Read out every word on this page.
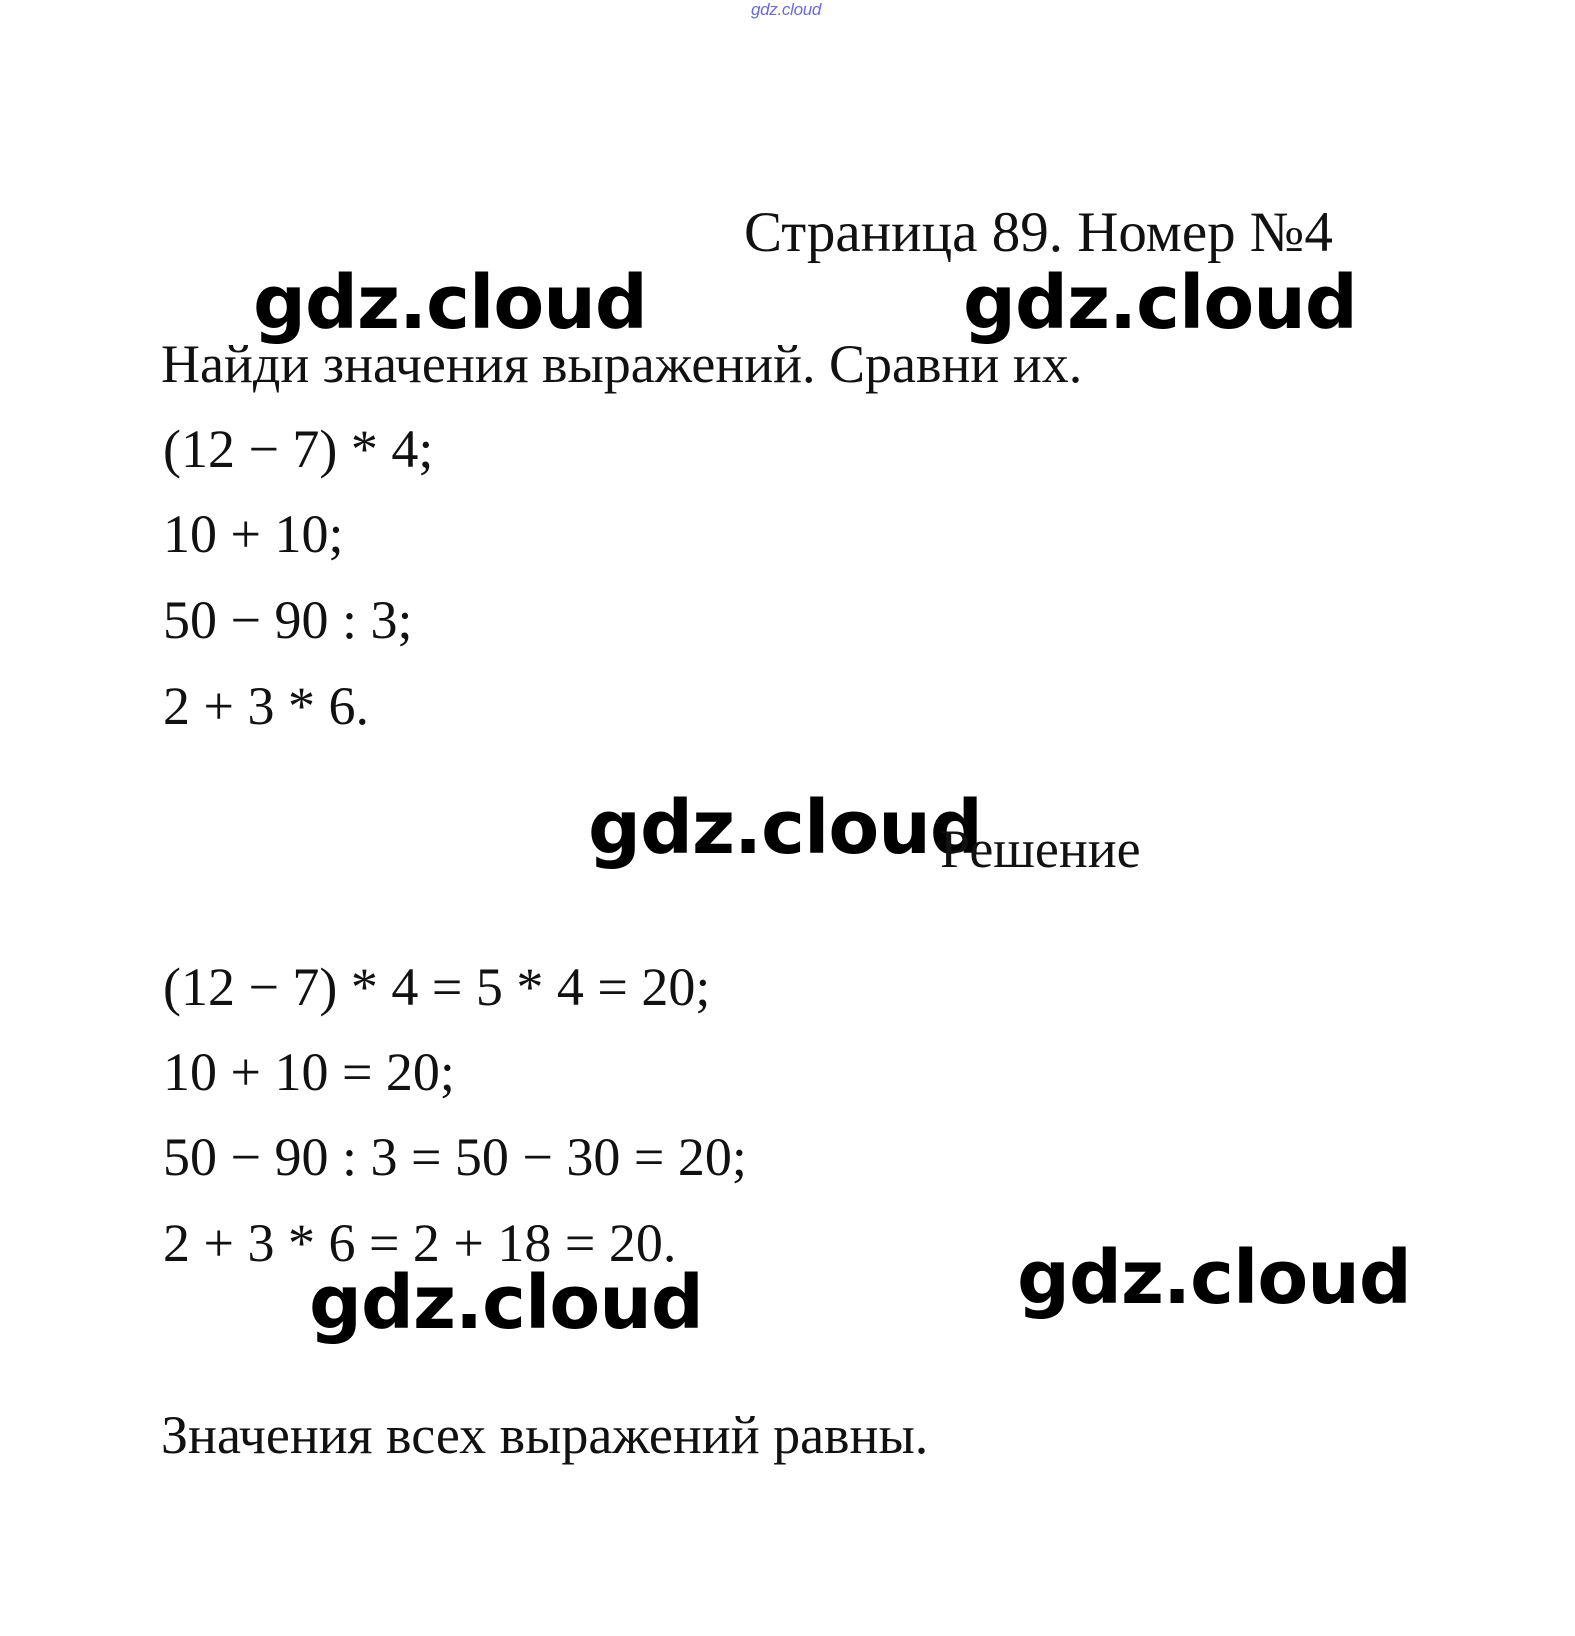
gdz.cloud
Страница 89. Номер №4
gdz.cloud	gdz.cloud
Найди значения выражений. Сравни их.
(12 − 7) * 4;
10 + 10;
50 − 90 : 3;
2 + 3 * 6.
gdz.cloud
Решение
(12 − 7) * 4 = 5 * 4 = 20;
10 + 10 = 20;
50 − 90 : 3 = 50 − 30 = 20;
2 + 3 * 6 = 2 + 18 = 20.	gdz.cloud
gdz.cloud
Значения всех выражений равны.
